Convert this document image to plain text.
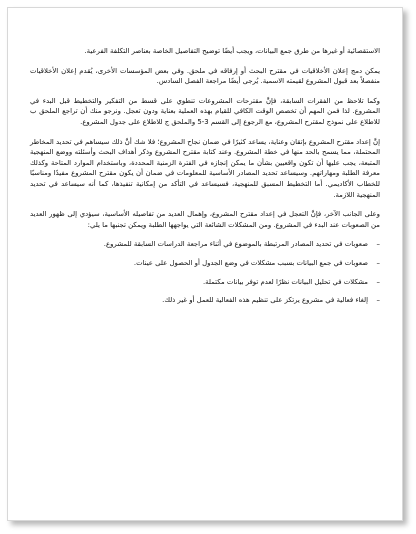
الاستقصائية أو غيرها من طرق جمع البيانات، ويجب أيضًا توضيح التفاصيل الخاصة بعناصر التكلفة الفرعية.

يمكن دمج إعلان الأخلاقيات في مقترح البحث أو إرفاقه في ملحق. وفي بعض المؤسسات الأخرى، يُقدم إعلان الأخلاقيات منفصلاً بعد قبول المشروع لقيمته الاسمية. يُرجى أيضًا مراجعة الفصل السادس.

وكما تلاحظ من الفقرات السابقة، فإنَّ مقترحات المشروعات تنطوي على قسط من التفكير والتخطيط قبل البدء في المشروع. لذا فمن المهم أن تخصص الوقت الكافي للقيام بهذه العملية بعناية ودون تعجل. ونرجو منك أن تراجع الملحق ب للاطلاع على نموذج لمقترح المشروع، مع الرجوع إلى القسم 3-5 والملحق ج للاطلاع على جدول المشروع.

إنَّ إعداد مقترح المشروع بإتقان وعناية، يساعد كثيرًا في ضمان نجاح المشروع؛ فلا شك أنَّ ذلك سيساهم في تحديد المخاطر المحتملة، مما يسمح بالحد منها في خطة المشروع. وعند كتابة مقترح المشروع وذكر أهداف البحث وأسئلته ووضع المنهجية المتبعة، يجب عليها أن تكون واقعيين بشأن ما يمكن إنجازه في الفترة الزمنية المحددة، وباستخدام الموارد المتاحة وكذلك معرفة الطلبة ومهاراتهم. وسيساعد تحديد المصادر الأساسية للمعلومات في ضمان أن يكون مقترح المشروع مفيدًا ومناسبًا للخطاب الأكاديمي. أما التخطيط المسبق للمنهجية، فسيساعد في التأكد من إمكانية تنفيذها، كما أنه سيساعد في تحديد المنهجية اللازمة.

وعلى الجانب الآخر، فإنَّ التعجل في إعداد مقترح المشروع، وإهمال العديد من تفاصيله الأساسية، سيؤدي إلى ظهور العديد من الصعوبات عند البدء في المشروع. ومن المشكلات الشائعة التي يواجهها الطلبة ويمكن تجنبها ما يلي:

–
صعوبات في تحديد المصادر المرتبطة بالموضوع في أثناء مراجعة الدراسات السابقة للمشروع.

–
صعوبات في جمع البيانات بسبب مشكلات في وضع الجدول أو الحصول على عينات.

–
مشكلات في تحليل البيانات نظرًا لعدم توفر بيانات مكتملة.

–
إلغاء فعالية في مشروع يرتكز على تنظيم هذه الفعالية للعمل أو غير ذلك.
